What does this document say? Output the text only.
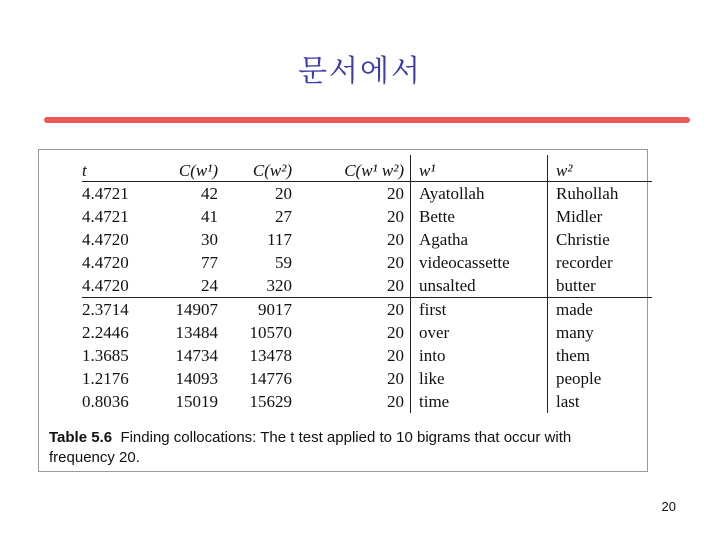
문서에서
t	C(w¹)	C(w²)	C(w¹ w²)	w¹	w²
4.4721	42	20	20	Ayatollah	Ruhollah
4.4721	41	27	20	Bette	Midler
4.4720	30	117	20	Agatha	Christie
4.4720	77	59	20	videocassette	recorder
4.4720	24	320	20	unsalted	butter
2.3714	14907	9017	20	first	made
2.2446	13484	10570	20	over	many
1.3685	14734	13478	20	into	them
1.2176	14093	14776	20	like	people
0.8036	15019	15629	20	time	last
Table 5.6 Finding collocations: The t test applied to 10 bigrams that occur with frequency 20.
20
